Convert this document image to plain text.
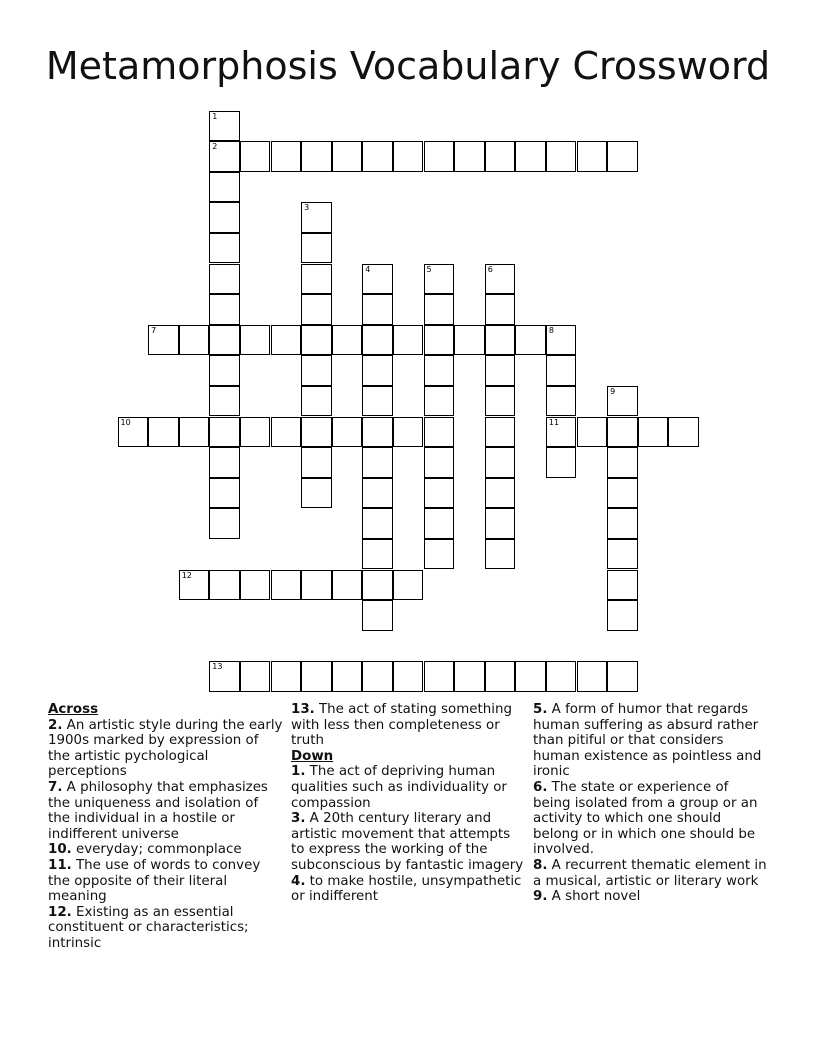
Metamorphosis Vocabulary Crossword
1
2
3
4	5	6
7	8
11
9
10
12
13
Across

2. An artistic style during the early 1900s marked by expression of the artistic pychological perceptions

7. A philosophy that emphasizes the uniqueness and isolation of the individual in a hostile or indifferent universe

10. everyday; commonplace

11. The use of words to convey the opposite of their literal meaning

12. Existing as an essential constituent or characteristics; intrinsic

13. The act of stating something with less then completeness or truth

Down

1. The act of depriving human qualities such as individuality or compassion

3. A 20th century literary and artistic movement that attempts to express the working of the subconscious by fantastic imagery

4. to make hostile, unsympathetic or indifferent

5. A form of humor that regards human suffering as absurd rather than pitiful or that considers human existence as pointless and ironic

6. The state or experience of being isolated from a group or an activity to which one should belong or in which one should be involved.

8. A recurrent thematic element in a musical, artistic or literary work

9. A short novel
